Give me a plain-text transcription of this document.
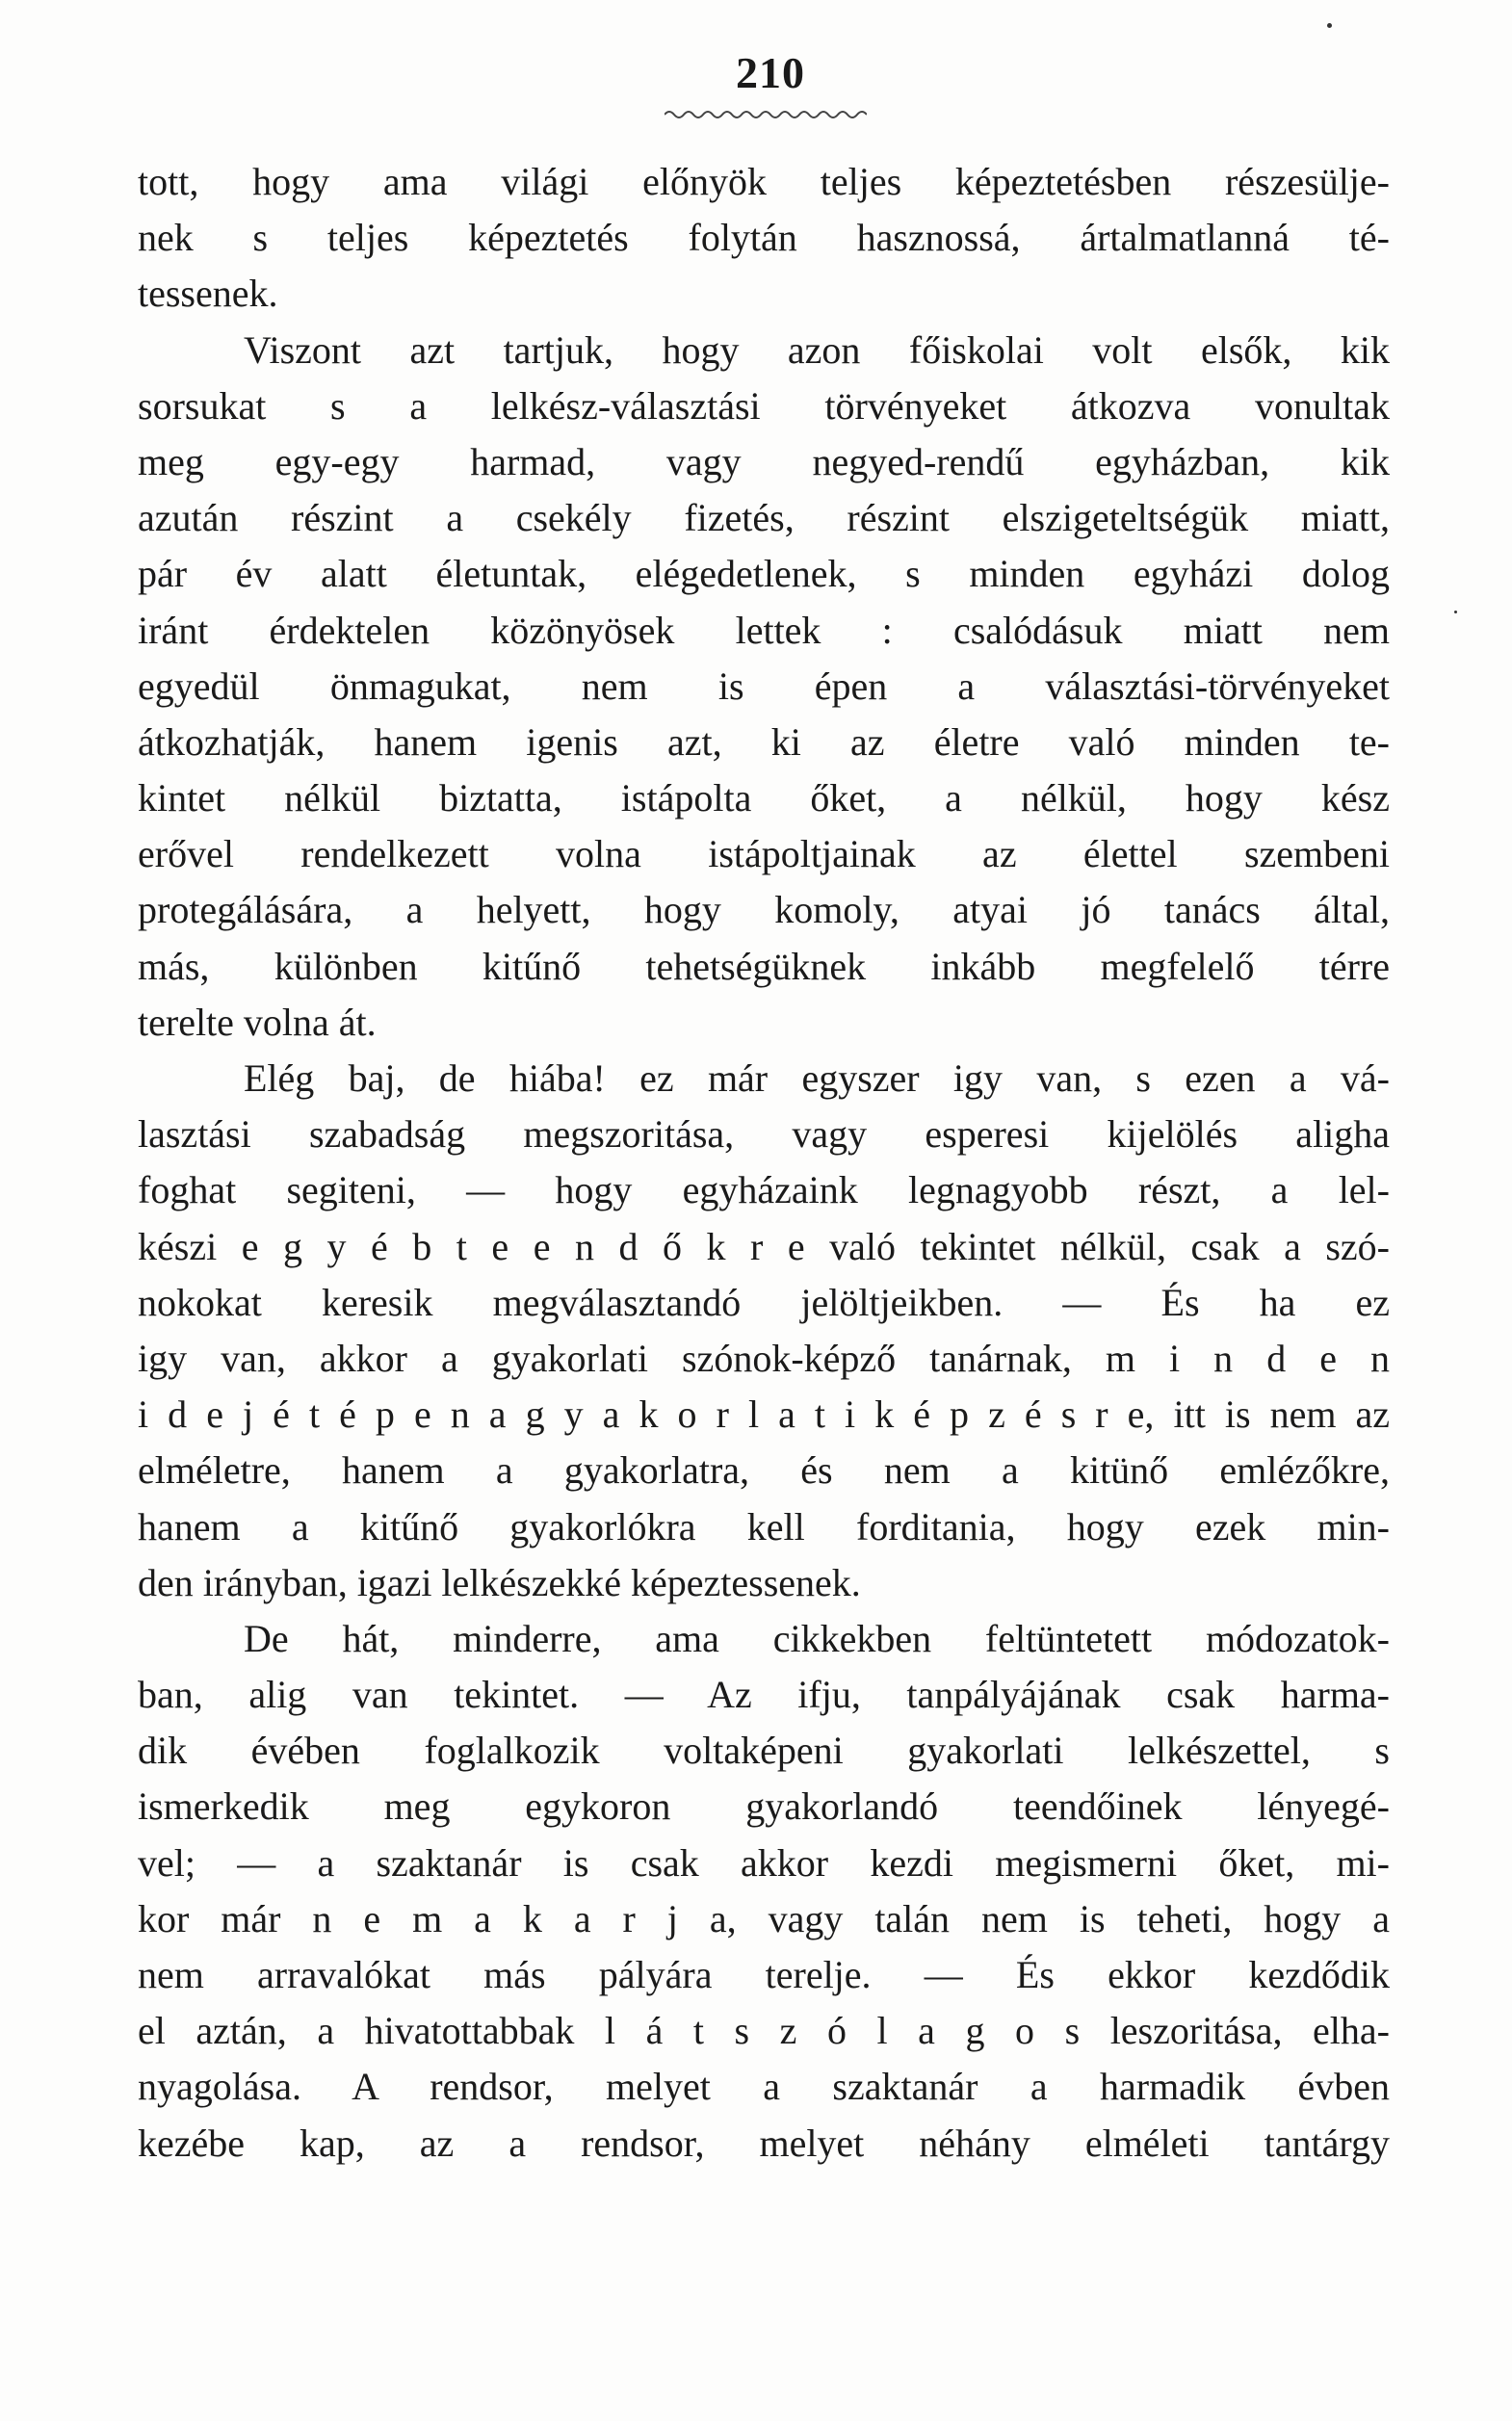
210
tott, hogy ama világi előnyök teljes képeztetésben részesülje-
nek s teljes képeztetés folytán hasznossá, ártalmatlanná té-
tessenek.
Viszont azt tartjuk, hogy azon főiskolai volt elsők, kik
sorsukat s a lelkész-választási törvényeket átkozva vonultak
meg egy-egy harmad, vagy negyed-rendű egyházban, kik
azután részint a csekély fizetés, részint elszigeteltségük miatt,
pár év alatt életuntak, elégedetlenek, s minden egyházi dolog
iránt érdektelen közönyösek lettek : csalódásuk miatt nem
egyedül önmagukat, nem is épen a választási-törvényeket
átkozhatják, hanem igenis azt, ki az életre való minden te-
kintet nélkül biztatta, istápolta őket, a nélkül, hogy kész
erővel rendelkezett volna istápoltjainak az élettel szembeni
protegálására, a helyett, hogy komoly, atyai jó tanács által,
más, különben kitűnő tehetségüknek inkább megfelelő térre
terelte volna át.
Elég baj, de hiába! ez már egyszer igy van, s ezen a vá-
lasztási szabadság megszoritása, vagy esperesi kijelölés aligha
foghat segiteni, — hogy egyházaink legnagyobb részt, a lel-
készi e g y é b t e e n d ő k r e való tekintet nélkül, csak a szó-
nokokat keresik megválasztandó jelöltjeikben. — És ha ez
igy van, akkor a gyakorlati szónok-képző tanárnak, m i n d e n
i d e j é t é p e n a g y a k o r l a t i k é p z é s r e, itt is nem az
elméletre, hanem a gyakorlatra, és nem a kitünő emlézőkre,
hanem a kitűnő gyakorlókra kell forditania, hogy ezek min-
den irányban, igazi lelkészekké képeztessenek.
De hát, minderre, ama cikkekben feltüntetett módozatok-
ban, alig van tekintet. — Az ifju, tanpályájának csak harma-
dik évében foglalkozik voltaképeni gyakorlati lelkészettel, s
ismerkedik meg egykoron gyakorlandó teendőinek lényegé-
vel; — a szaktanár is csak akkor kezdi megismerni őket, mi-
kor már n e m a k a r j a, vagy talán nem is teheti, hogy a
nem arravalókat más pályára terelje. — És ekkor kezdődik
el aztán, a hivatottabbak l á t s z ó l a g o s leszoritása, elha-
nyagolása. A rendsor, melyet a szaktanár a harmadik évben
kezébe kap, az a rendsor, melyet néhány elméleti tantárgy
